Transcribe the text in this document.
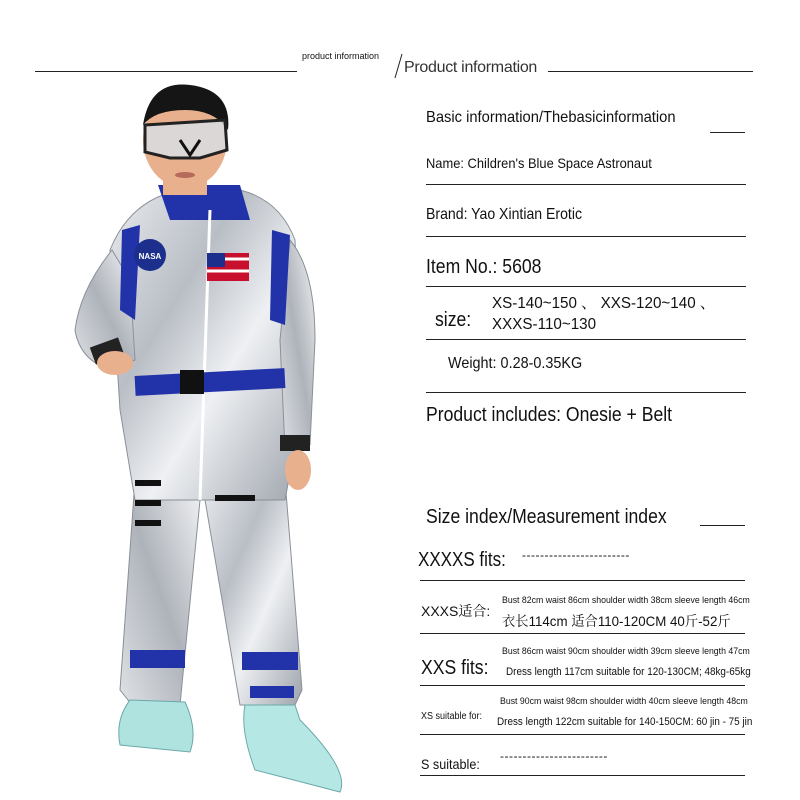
product information
Product information
NASA
Basic information/Thebasicinformation
Name: Children's Blue Space Astronaut
Brand: Yao Xintian Erotic
Item No.: 5608
size:
XS-140~150 、 XXS-120~140 、
XXXS-110~130
Weight: 0.28-0.35KG
Product includes: Onesie + Belt
Size index/Measurement index
XXXXS fits: ------------------------
XXXS适合:
Bust 82cm waist 86cm shoulder width 38cm sleeve length 46cm
衣长114cm 适合110-120CM 40斤-52斤
XXS fits:
Bust 86cm waist 90cm shoulder width 39cm sleeve length 47cm
Dress length 117cm suitable for 120-130CM; 48kg-65kg
XS suitable for:
Bust 90cm waist 98cm shoulder width 40cm sleeve length 48cm
Dress length 122cm suitable for 140-150CM: 60 jin - 75 jin
S suitable: ------------------------
